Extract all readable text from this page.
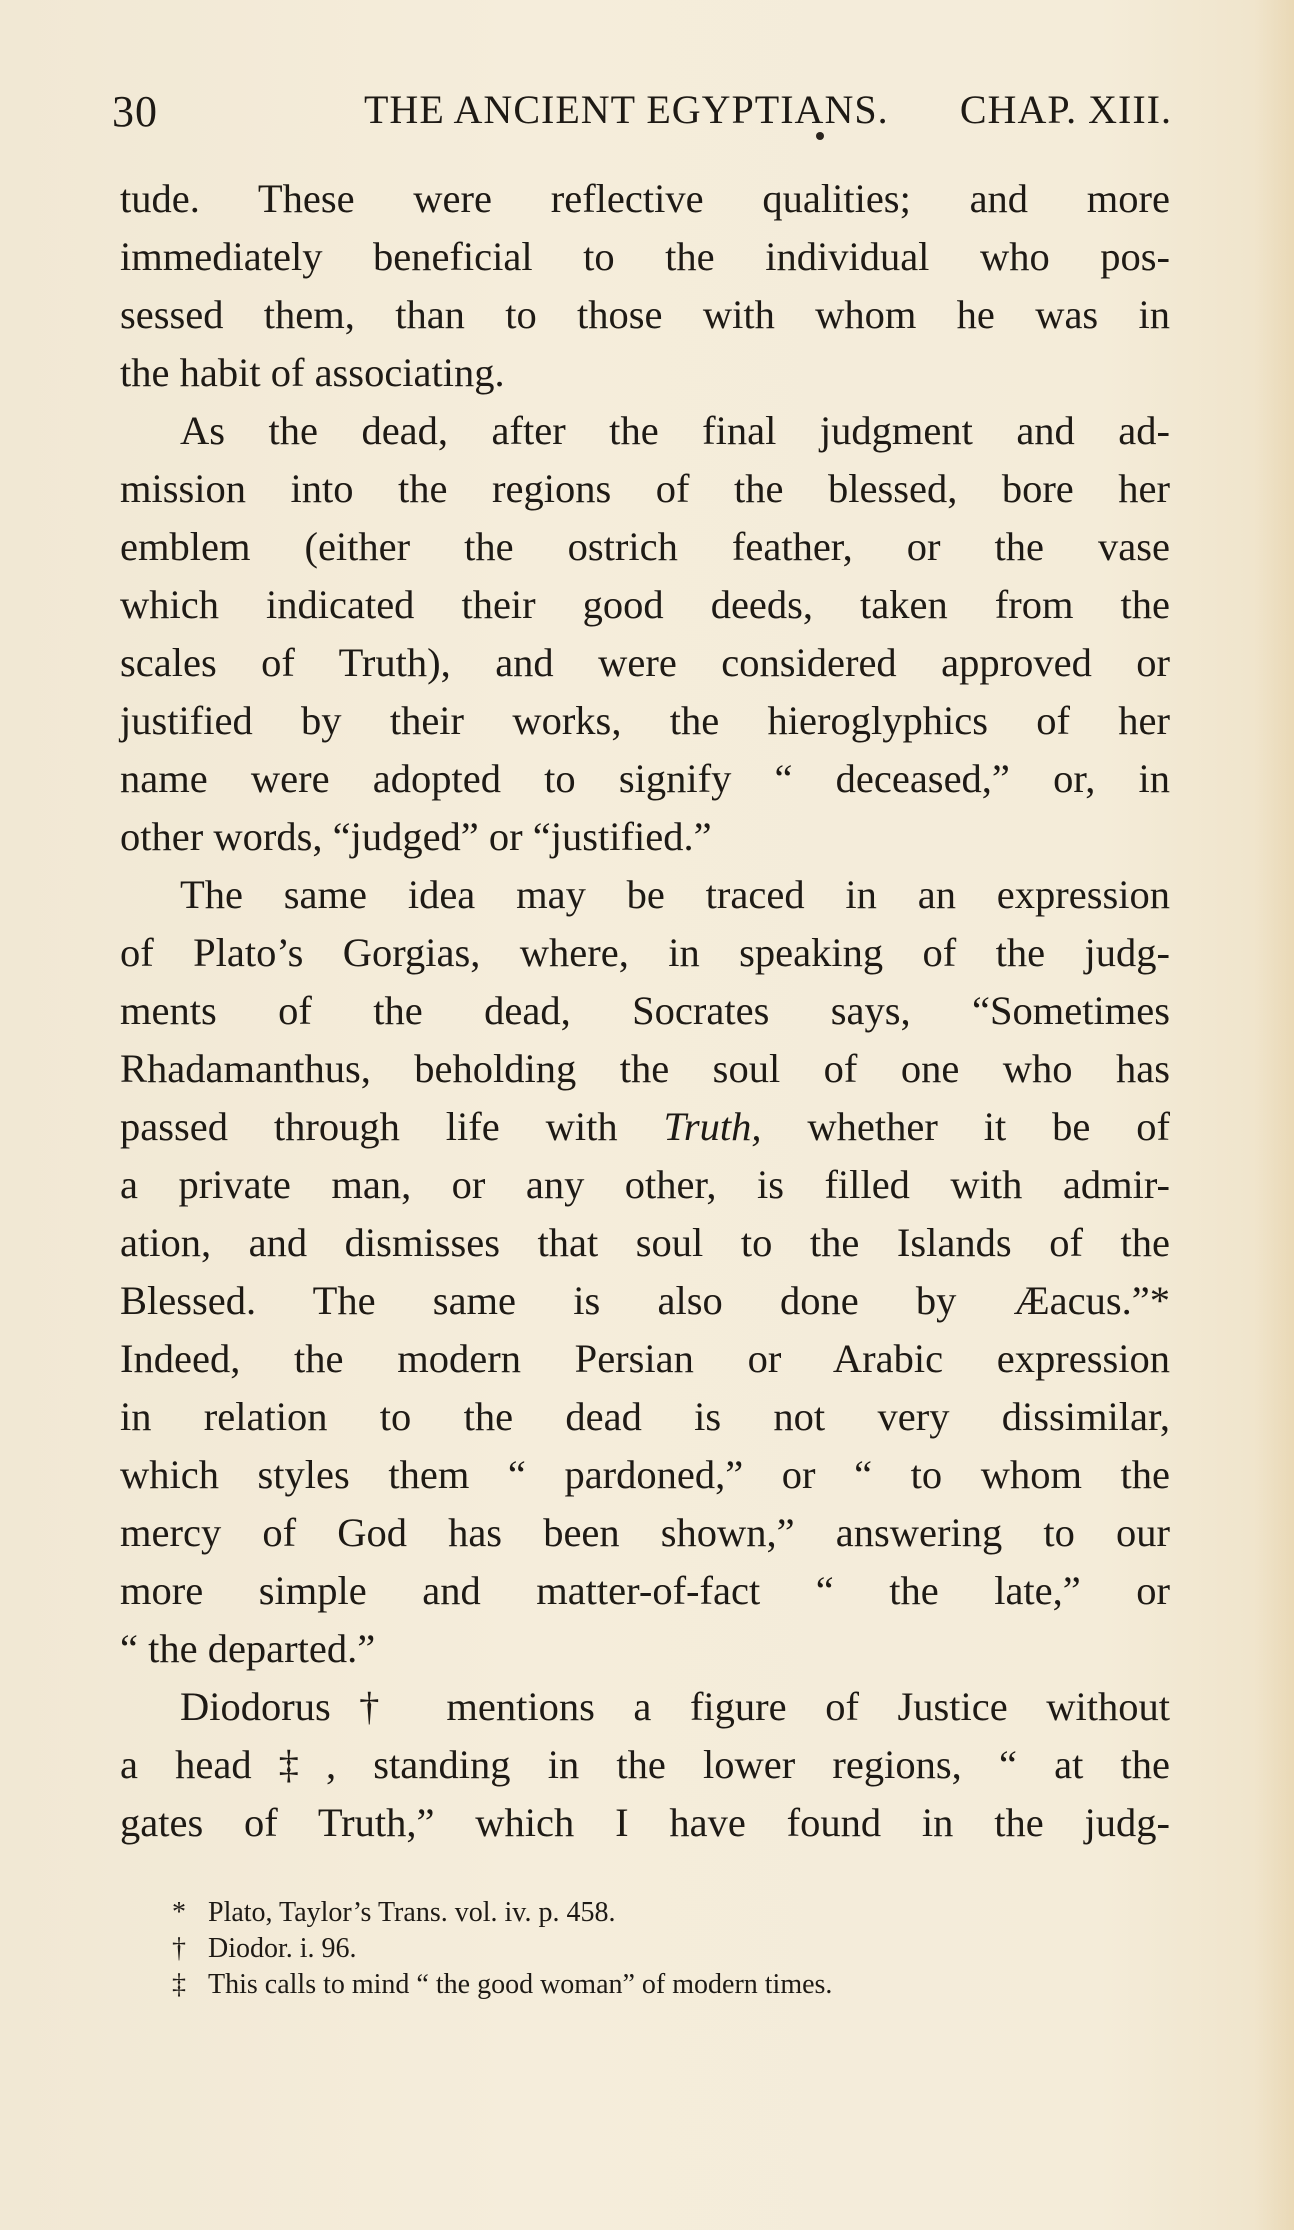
30	THE ANCIENT EGYPTIANS. CHAP. XIII.

tude. These were reflective qualities; and more
immediately beneficial to the individual who pos-
sessed them, than to those with whom he was in
the habit of associating.

As the dead, after the final judgment and ad-
mission into the regions of the blessed, bore her
emblem (either the ostrich feather, or the vase
which indicated their good deeds, taken from the
scales of Truth), and were considered approved or
justified by their works, the hieroglyphics of her
name were adopted to signify “ deceased,” or, in
other words, “judged” or “justified.”

The same idea may be traced in an expression
of Plato’s Gorgias, where, in speaking of the judg-
ments of the dead, Socrates says, “Sometimes
Rhadamanthus, beholding the soul of one who has
passed through life with Truth, whether it be of
a private man, or any other, is filled with admir-
ation, and dismisses that soul to the Islands of the
Blessed. The same is also done by Æacus.”*
Indeed, the modern Persian or Arabic expression
in relation to the dead is not very dissimilar,
which styles them “ pardoned,” or “ to whom the
mercy of God has been shown,” answering to our
more simple and matter-of-fact “ the late,” or
“ the departed.”

Diodorus† mentions a figure of Justice without
a head‡, standing in the lower regions, “ at the
gates of Truth,” which I have found in the judg-

* Plato, Taylor’s Trans. vol. iv. p. 458.
† Diodor. i. 96.
‡ This calls to mind “ the good woman” of modern times.
